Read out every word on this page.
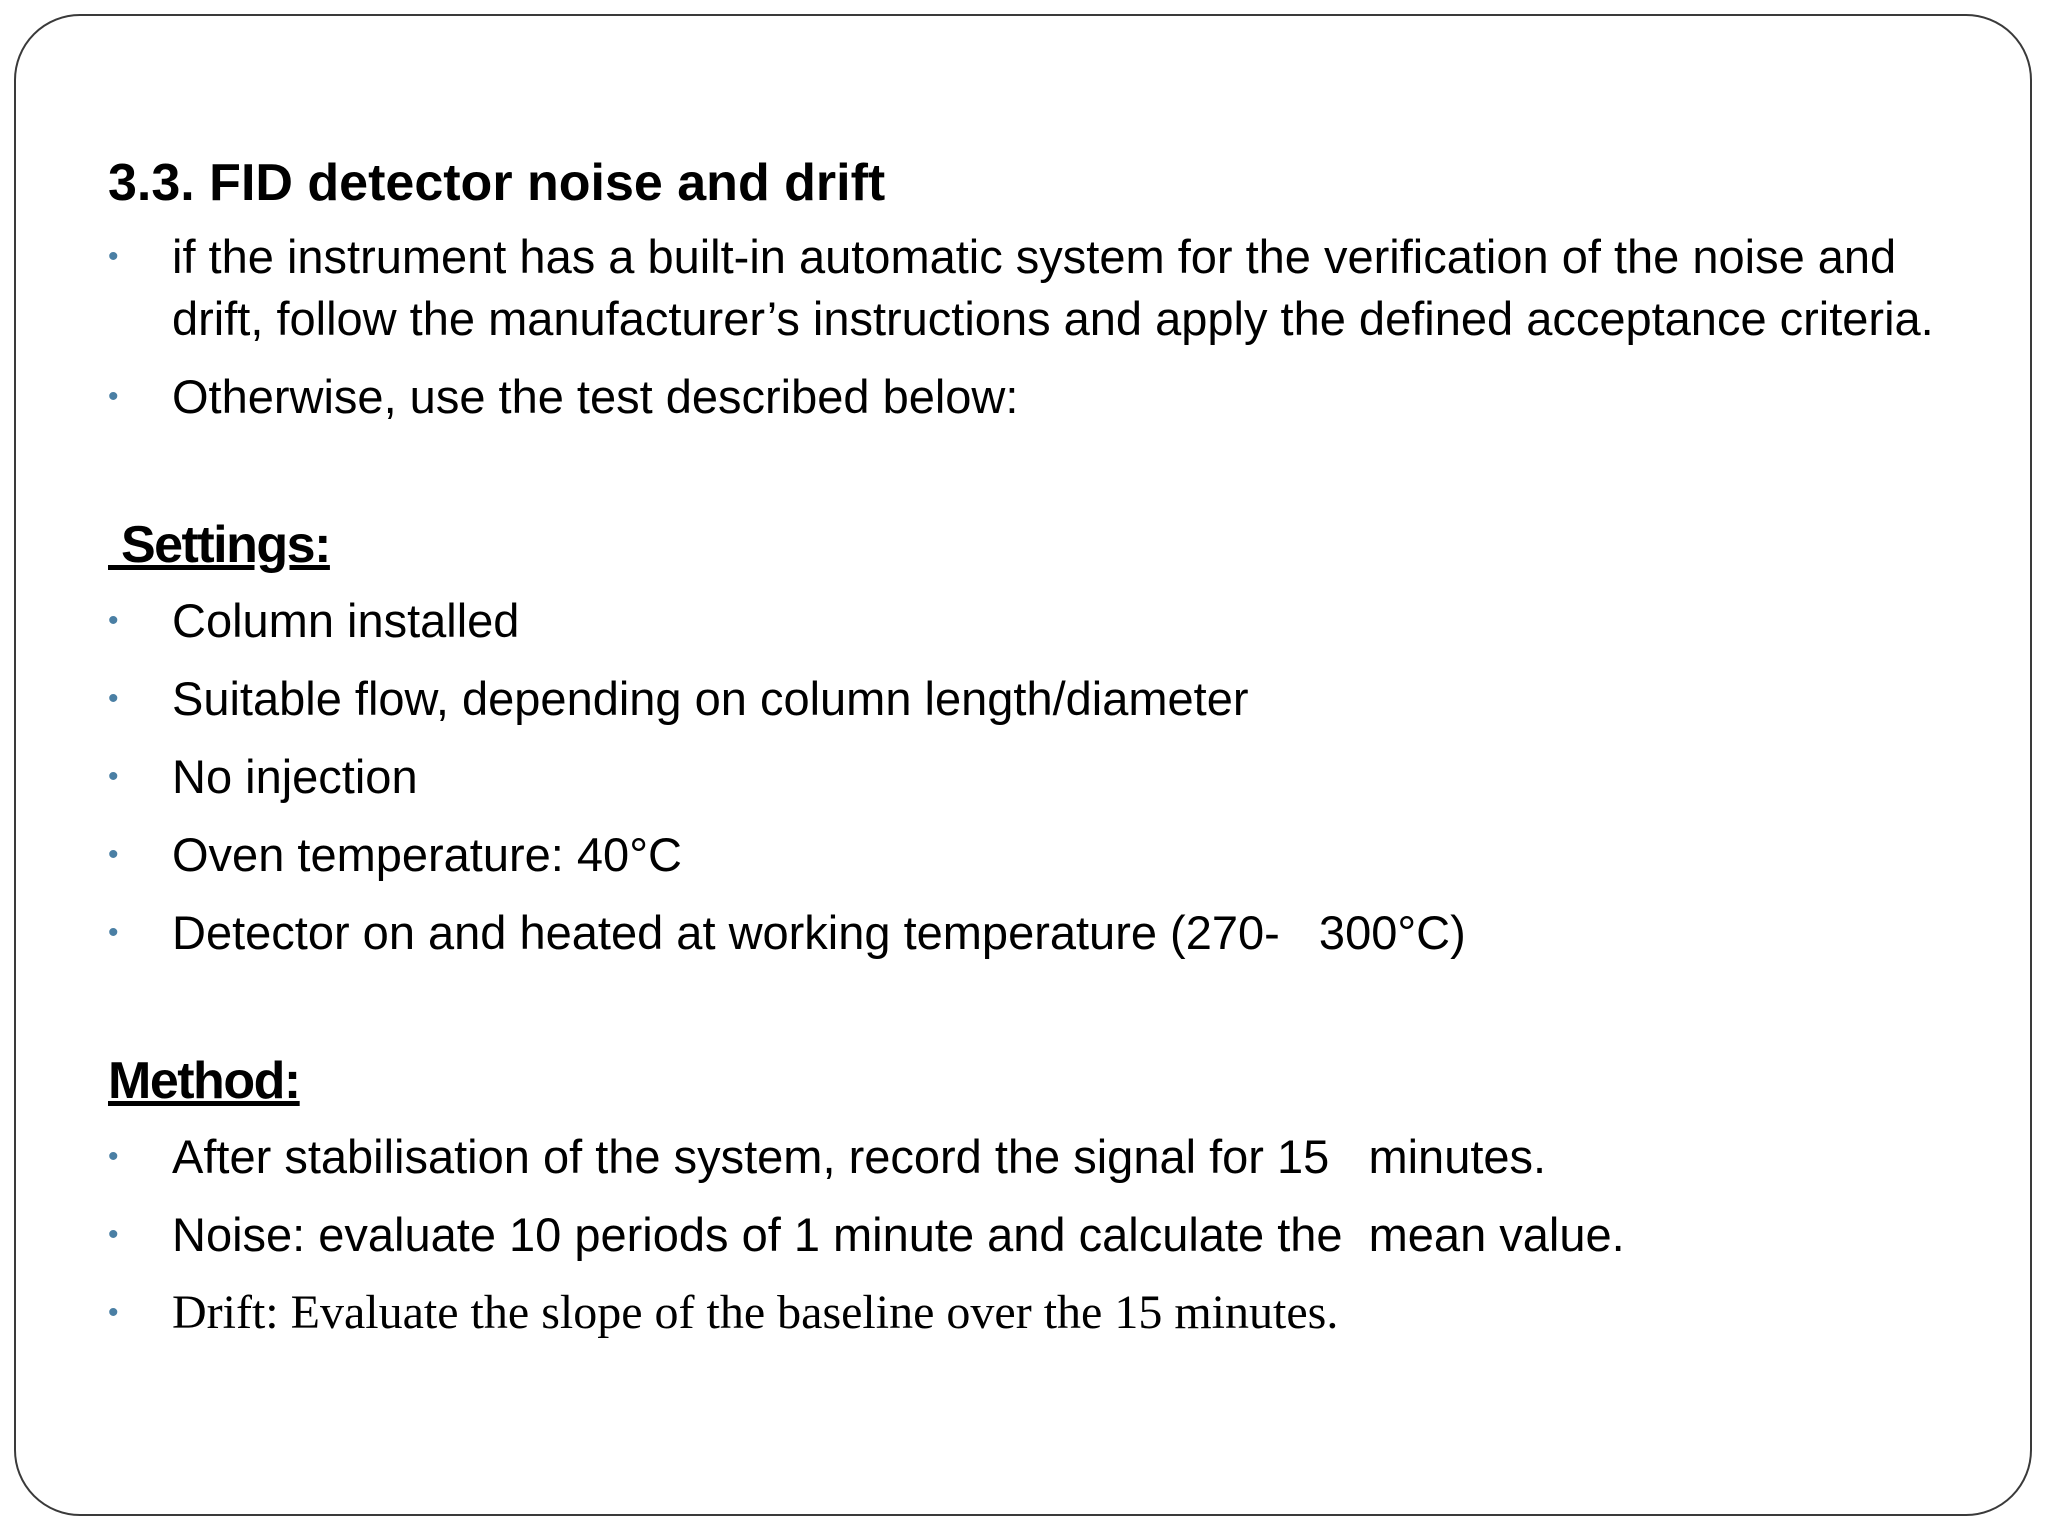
3.3. FID detector noise and drift
• if the instrument has a built-in automatic system for the verification of the noise and drift, follow the manufacturer’s instructions and apply the defined acceptance criteria.
• Otherwise, use the test described below:
Settings:
• Column installed
• Suitable flow, depending on column length/diameter
• No injection
• Oven temperature: 40°C
• Detector on and heated at working temperature (270-   300°C)
Method:
• After stabilisation of the system, record the signal for 15   minutes.
• Noise: evaluate 10 periods of 1 minute and calculate the  mean value.
• Drift: Evaluate the slope of the baseline over the 15 minutes.
